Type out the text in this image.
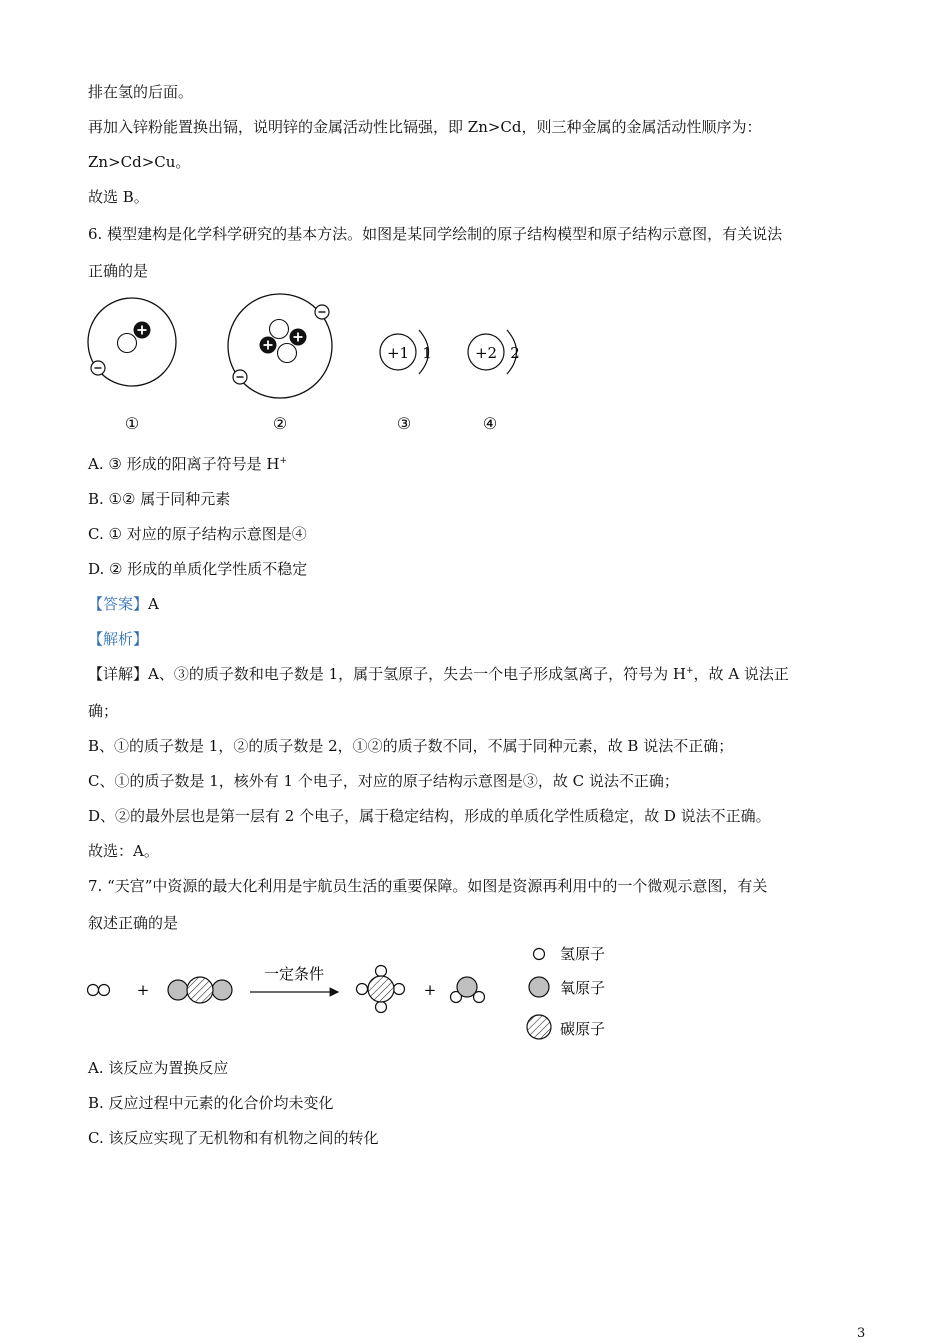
排在氢的后面。
再加入锌粉能置换出镉，说明锌的金属活动性比镉强，即 Zn>Cd，则三种金属的金属活动性顺序为：
Zn>Cd>Cu。
故选 B。
6. 模型建构是化学科学研究的基本方法。如图是某同学绘制的原子结构模型和原子结构示意图，有关说法
正确的是
+1 1	+2 2
①	②	③	④
A. ③ 形成的阳离子符号是 H+
B. ①② 属于同种元素
C. ① 对应的原子结构示意图是④
D. ② 形成的单质化学性质不稳定
【答案】A
【解析】
【详解】A、③的质子数和电子数是 1，属于氢原子，失去一个电子形成氢离子，符号为 H+，故 A 说法正
确；
B、①的质子数是 1，②的质子数是 2，①②的质子数不同，不属于同种元素，故 B 说法不正确；
C、①的质子数是 1，核外有 1 个电子，对应的原子结构示意图是③，故 C 说法不正确；
D、②的最外层也是第一层有 2 个电子，属于稳定结构，形成的单质化学性质稳定，故 D 说法不正确。
故选：A。
7. “天宫”中资源的最大化利用是宇航员生活的重要保障。如图是资源再利用中的一个微观示意图，有关
叙述正确的是
+
一定条件
+
氢原子
氧原子
碳原子
A. 该反应为置换反应
B. 反应过程中元素的化合价均未变化
C. 该反应实现了无机物和有机物之间的转化
3
